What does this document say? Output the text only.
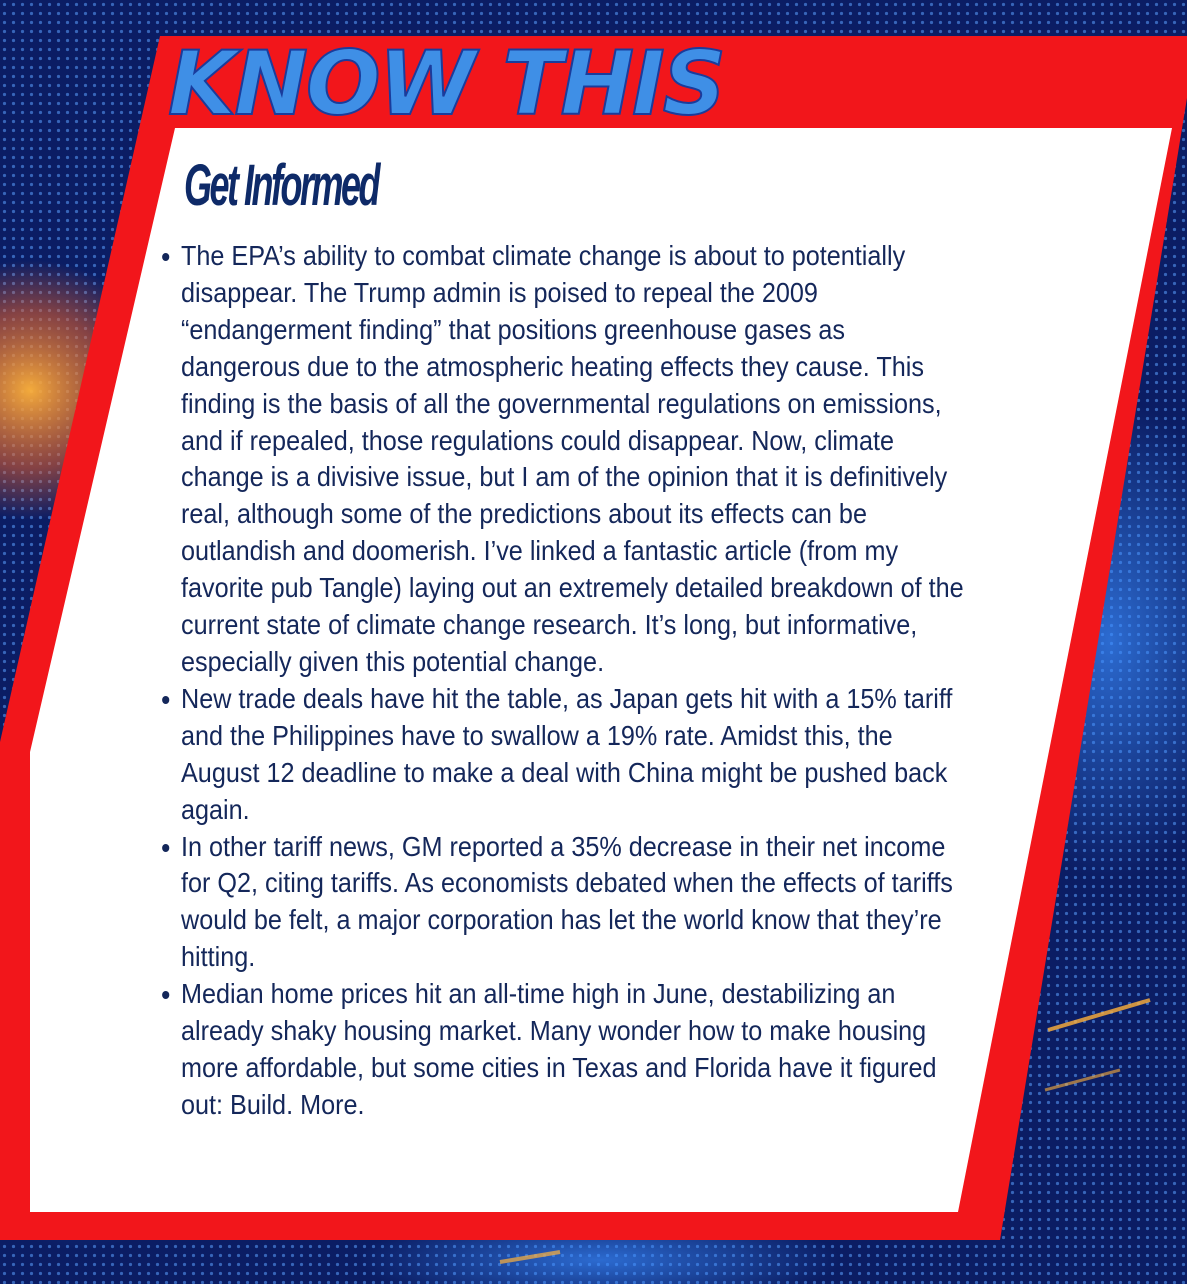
KNOW THIS
Get Informed
The EPA’s ability to combat climate change is about to potentially disappear. The Trump admin is poised to repeal the 2009 “endangerment finding” that positions greenhouse gases as dangerous due to the atmospheric heating effects they cause. This finding is the basis of all the governmental regulations on emissions, and if repealed, those regulations could disappear. Now, climate change is a divisive issue, but I am of the opinion that it is definitively real, although some of the predictions about its effects can be outlandish and doomerish. I’ve linked a fantastic article (from my favorite pub Tangle) laying out an extremely detailed breakdown of the current state of climate change research. It’s long, but informative, especially given this potential change.
New trade deals have hit the table, as Japan gets hit with a 15% tariff and the Philippines have to swallow a 19% rate. Amidst this, the August 12 deadline to make a deal with China might be pushed back again.
In other tariff news, GM reported a 35% decrease in their net income for Q2, citing tariffs. As economists debated when the effects of tariffs would be felt, a major corporation has let the world know that they’re hitting.
Median home prices hit an all-time high in June, destabilizing an already shaky housing market. Many wonder how to make housing more affordable, but some cities in Texas and Florida have it figured out: Build. More.
